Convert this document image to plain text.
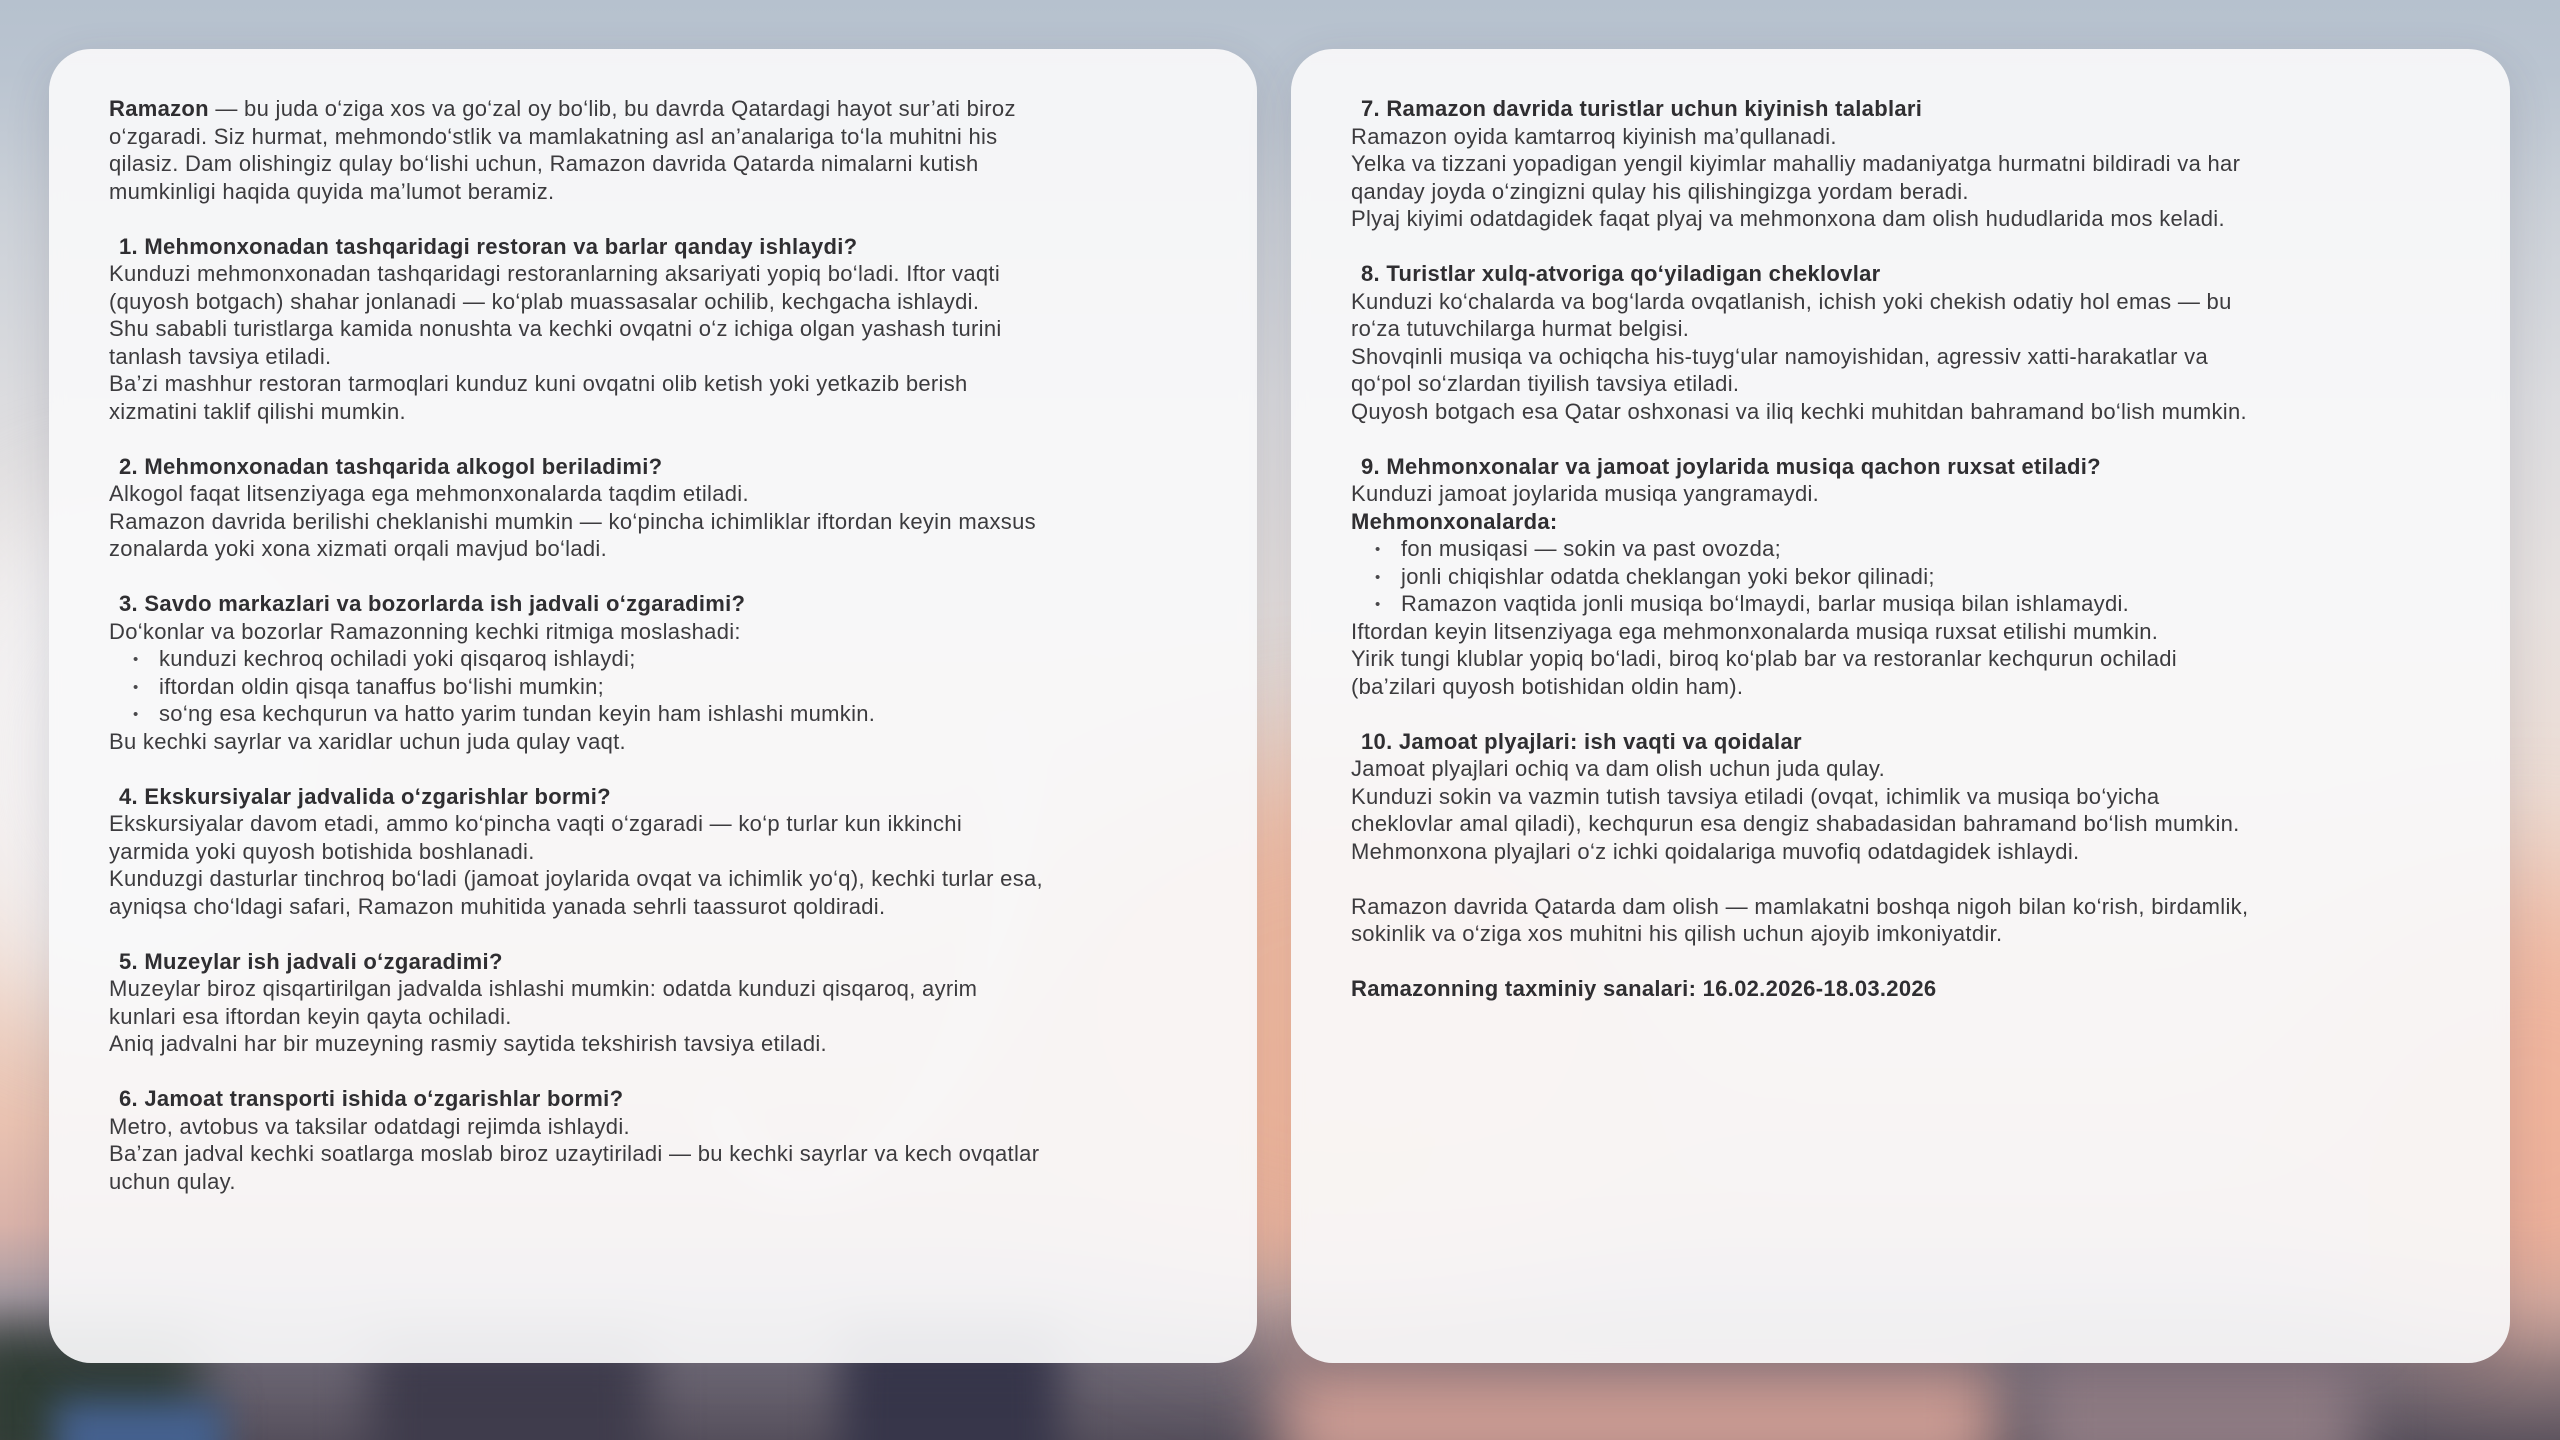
Ramazon — bu juda o‘ziga xos va go‘zal oy bo‘lib, bu davrda Qatardagi hayot sur’ati biroz
o‘zgaradi. Siz hurmat, mehmondo‘stlik va mamlakatning asl an’analariga to‘la muhitni his
qilasiz. Dam olishingiz qulay bo‘lishi uchun, Ramazon davrida Qatarda nimalarni kutish
mumkinligi haqida quyida ma’lumot beramiz.
1. Mehmonxonadan tashqaridagi restoran va barlar qanday ishlaydi?
Kunduzi mehmonxonadan tashqaridagi restoranlarning aksariyati yopiq bo‘ladi. Iftor vaqti
(quyosh botgach) shahar jonlanadi — ko‘plab muassasalar ochilib, kechgacha ishlaydi.
Shu sababli turistlarga kamida nonushta va kechki ovqatni o‘z ichiga olgan yashash turini
tanlash tavsiya etiladi.
Ba’zi mashhur restoran tarmoqlari kunduz kuni ovqatni olib ketish yoki yetkazib berish
xizmatini taklif qilishi mumkin.
2. Mehmonxonadan tashqarida alkogol beriladimi?
Alkogol faqat litsenziyaga ega mehmonxonalarda taqdim etiladi.
Ramazon davrida berilishi cheklanishi mumkin — ko‘pincha ichimliklar iftordan keyin maxsus
zonalarda yoki xona xizmati orqali mavjud bo‘ladi.
3. Savdo markazlari va bozorlarda ish jadvali o‘zgaradimi?
Do‘konlar va bozorlar Ramazonning kechki ritmiga moslashadi:
• kunduzi kechroq ochiladi yoki qisqaroq ishlaydi;
• iftordan oldin qisqa tanaffus bo‘lishi mumkin;
• so‘ng esa kechqurun va hatto yarim tundan keyin ham ishlashi mumkin.
Bu kechki sayrlar va xaridlar uchun juda qulay vaqt.
4. Ekskursiyalar jadvalida o‘zgarishlar bormi?
Ekskursiyalar davom etadi, ammo ko‘pincha vaqti o‘zgaradi — ko‘p turlar kun ikkinchi
yarmida yoki quyosh botishida boshlanadi.
Kunduzgi dasturlar tinchroq bo‘ladi (jamoat joylarida ovqat va ichimlik yo‘q), kechki turlar esa,
ayniqsa cho‘ldagi safari, Ramazon muhitida yanada sehrli taassurot qoldiradi.
5. Muzeylar ish jadvali o‘zgaradimi?
Muzeylar biroz qisqartirilgan jadvalda ishlashi mumkin: odatda kunduzi qisqaroq, ayrim
kunlari esa iftordan keyin qayta ochiladi.
Aniq jadvalni har bir muzeyning rasmiy saytida tekshirish tavsiya etiladi.
6. Jamoat transporti ishida o‘zgarishlar bormi?
Metro, avtobus va taksilar odatdagi rejimda ishlaydi.
Ba’zan jadval kechki soatlarga moslab biroz uzaytiriladi — bu kechki sayrlar va kech ovqatlar
uchun qulay.
7. Ramazon davrida turistlar uchun kiyinish talablari
Ramazon oyida kamtarroq kiyinish ma’qullanadi.
Yelka va tizzani yopadigan yengil kiyimlar mahalliy madaniyatga hurmatni bildiradi va har
qanday joyda o‘zingizni qulay his qilishingizga yordam beradi.
Plyaj kiyimi odatdagidek faqat plyaj va mehmonxona dam olish hududlarida mos keladi.
8. Turistlar xulq-atvoriga qo‘yiladigan cheklovlar
Kunduzi ko‘chalarda va bog‘larda ovqatlanish, ichish yoki chekish odatiy hol emas — bu
ro‘za tutuvchilarga hurmat belgisi.
Shovqinli musiqa va ochiqcha his-tuyg‘ular namoyishidan, agressiv xatti-harakatlar va
qo‘pol so‘zlardan tiyilish tavsiya etiladi.
Quyosh botgach esa Qatar oshxonasi va iliq kechki muhitdan bahramand bo‘lish mumkin.
9. Mehmonxonalar va jamoat joylarida musiqa qachon ruxsat etiladi?
Kunduzi jamoat joylarida musiqa yangramaydi.
Mehmonxonalarda:
• fon musiqasi — sokin va past ovozda;
• jonli chiqishlar odatda cheklangan yoki bekor qilinadi;
• Ramazon vaqtida jonli musiqa bo‘lmaydi, barlar musiqa bilan ishlamaydi.
Iftordan keyin litsenziyaga ega mehmonxonalarda musiqa ruxsat etilishi mumkin.
Yirik tungi klublar yopiq bo‘ladi, biroq ko‘plab bar va restoranlar kechqurun ochiladi
(ba’zilari quyosh botishidan oldin ham).
10. Jamoat plyajlari: ish vaqti va qoidalar
Jamoat plyajlari ochiq va dam olish uchun juda qulay.
Kunduzi sokin va vazmin tutish tavsiya etiladi (ovqat, ichimlik va musiqa bo‘yicha
cheklovlar amal qiladi), kechqurun esa dengiz shabadasidan bahramand bo‘lish mumkin.
Mehmonxona plyajlari o‘z ichki qoidalariga muvofiq odatdagidek ishlaydi.
Ramazon davrida Qatarda dam olish — mamlakatni boshqa nigoh bilan ko‘rish, birdamlik,
sokinlik va o‘ziga xos muhitni his qilish uchun ajoyib imkoniyatdir.
Ramazonning taxminiy sanalari: 16.02.2026-18.03.2026
